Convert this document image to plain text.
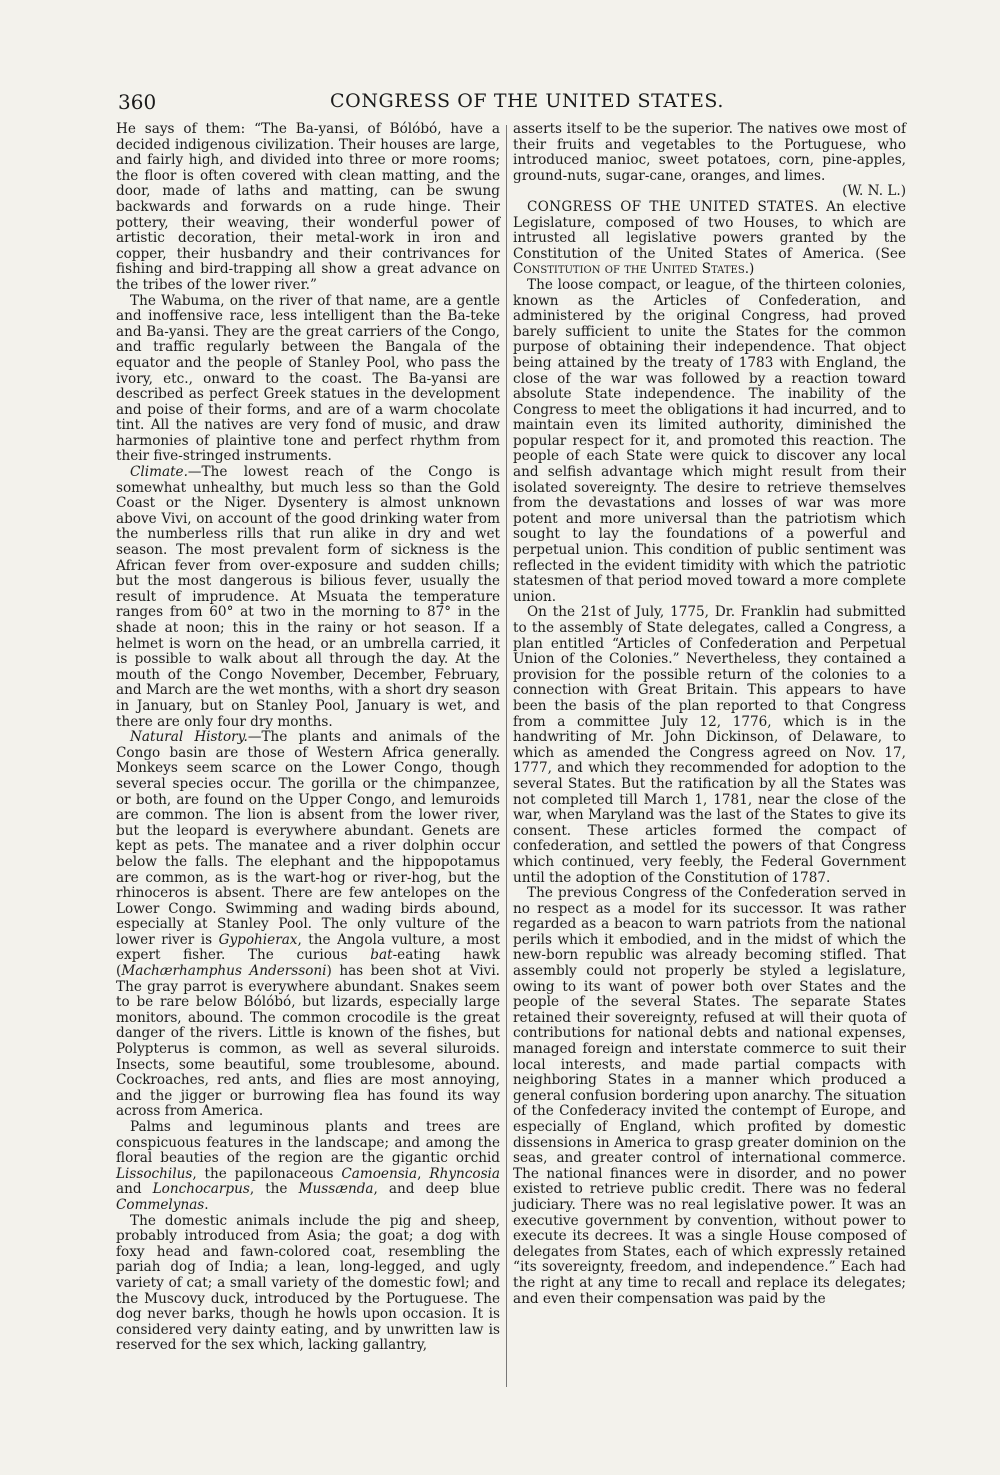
360	CONGRESS OF THE UNITED STATES.

He says of them: “The Ba-yansi, of Bólóbó, have a decided indigenous civilization. Their houses are large, and fairly high, and divided into three or more rooms; the floor is often covered with clean matting, and the door, made of laths and matting, can be swung backwards and forwards on a rude hinge. Their pottery, their weaving, their wonderful power of artistic decoration, their metal-work in iron and copper, their husbandry and their contrivances for fishing and bird-trapping all show a great advance on the tribes of the lower river.”

The Wabuma, on the river of that name, are a gentle and inoffensive race, less intelligent than the Ba-teke and Ba-yansi. They are the great carriers of the Congo, and traffic regularly between the Bangala of the equator and the people of Stanley Pool, who pass the ivory, etc., onward to the coast. The Ba-yansi are described as perfect Greek statues in the development and poise of their forms, and are of a warm chocolate tint. All the natives are very fond of music, and draw harmonies of plaintive tone and perfect rhythm from their five-stringed instruments.

Climate.—The lowest reach of the Congo is somewhat unhealthy, but much less so than the Gold Coast or the Niger. Dysentery is almost unknown above Vivi, on account of the good drinking water from the numberless rills that run alike in dry and wet season. The most prevalent form of sickness is the African fever from over-exposure and sudden chills; but the most dangerous is bilious fever, usually the result of imprudence. At Msuata the temperature ranges from 60° at two in the morning to 87° in the shade at noon; this in the rainy or hot season. If a helmet is worn on the head, or an umbrella carried, it is possible to walk about all through the day. At the mouth of the Congo November, December, February, and March are the wet months, with a short dry season in January, but on Stanley Pool, January is wet, and there are only four dry months.

Natural History.—The plants and animals of the Congo basin are those of Western Africa generally. Monkeys seem scarce on the Lower Congo, though several species occur. The gorilla or the chimpanzee, or both, are found on the Upper Congo, and lemuroids are common. The lion is absent from the lower river, but the leopard is everywhere abundant. Genets are kept as pets. The manatee and a river dolphin occur below the falls. The elephant and the hippopotamus are common, as is the wart-hog or river-hog, but the rhinoceros is absent. There are few antelopes on the Lower Congo. Swimming and wading birds abound, especially at Stanley Pool. The only vulture of the lower river is Gypohierax, the Angola vulture, a most expert fisher. The curious bat-eating hawk (Machærhamphus Anderssoni) has been shot at Vivi. The gray parrot is everywhere abundant. Snakes seem to be rare below Bólóbó, but lizards, especially large monitors, abound. The common crocodile is the great danger of the rivers. Little is known of the fishes, but Polypterus is common, as well as several siluroids. Insects, some beautiful, some troublesome, abound. Cockroaches, red ants, and flies are most annoying, and the jigger or burrowing flea has found its way across from America.

Palms and leguminous plants and trees are conspicuous features in the landscape; and among the floral beauties of the region are the gigantic orchid Lissochilus, the papilonaceous Camoensia, Rhyncosia and Lonchocarpus, the Mussænda, and deep blue Commelynas.

The domestic animals include the pig and sheep, probably introduced from Asia; the goat; a dog with foxy head and fawn-colored coat, resembling the pariah dog of India; a lean, long-legged, and ugly variety of cat; a small variety of the domestic fowl; and the Muscovy duck, introduced by the Portuguese. The dog never barks, though he howls upon occasion. It is considered very dainty eating, and by unwritten law is reserved for the sex which, lacking gallantry,

asserts itself to be the superior. The natives owe most of their fruits and vegetables to the Portuguese, who introduced manioc, sweet potatoes, corn, pine-apples, ground-nuts, sugar-cane, oranges, and limes.

(W. N. L.)

CONGRESS OF THE UNITED STATES. An elective Legislature, composed of two Houses, to which are intrusted all legislative powers granted by the Constitution of the United States of America. (See Constitution of the United States.)

The loose compact, or league, of the thirteen colonies, known as the Articles of Confederation, and administered by the original Congress, had proved barely sufficient to unite the States for the common purpose of obtaining their independence. That object being attained by the treaty of 1783 with England, the close of the war was followed by a reaction toward absolute State independence. The inability of the Congress to meet the obligations it had incurred, and to maintain even its limited authority, diminished the popular respect for it, and promoted this reaction. The people of each State were quick to discover any local and selfish advantage which might result from their isolated sovereignty. The desire to retrieve themselves from the devastations and losses of war was more potent and more universal than the patriotism which sought to lay the foundations of a powerful and perpetual union. This condition of public sentiment was reflected in the evident timidity with which the patriotic statesmen of that period moved toward a more complete union.

On the 21st of July, 1775, Dr. Franklin had submitted to the assembly of State delegates, called a Congress, a plan entitled “Articles of Confederation and Perpetual Union of the Colonies.” Nevertheless, they contained a provision for the possible return of the colonies to a connection with Great Britain. This appears to have been the basis of the plan reported to that Congress from a committee July 12, 1776, which is in the handwriting of Mr. John Dickinson, of Delaware, to which as amended the Congress agreed on Nov. 17, 1777, and which they recommended for adoption to the several States. But the ratification by all the States was not completed till March 1, 1781, near the close of the war, when Maryland was the last of the States to give its consent. These articles formed the compact of confederation, and settled the powers of that Congress which continued, very feebly, the Federal Government until the adoption of the Constitution of 1787.

The previous Congress of the Confederation served in no respect as a model for its successor. It was rather regarded as a beacon to warn patriots from the national perils which it embodied, and in the midst of which the new-born republic was already becoming stifled. That assembly could not properly be styled a legislature, owing to its want of power both over States and the people of the several States. The separate States retained their sovereignty, refused at will their quota of contributions for national debts and national expenses, managed foreign and interstate commerce to suit their local interests, and made partial compacts with neighboring States in a manner which produced a general confusion bordering upon anarchy. The situation of the Confederacy invited the contempt of Europe, and especially of England, which profited by domestic dissensions in America to grasp greater dominion on the seas, and greater control of international commerce. The national finances were in disorder, and no power existed to retrieve public credit. There was no federal judiciary. There was no real legislative power. It was an executive government by convention, without power to execute its decrees. It was a single House composed of delegates from States, each of which expressly retained “its sovereignty, freedom, and independence.” Each had the right at any time to recall and replace its delegates; and even their compensation was paid by the
